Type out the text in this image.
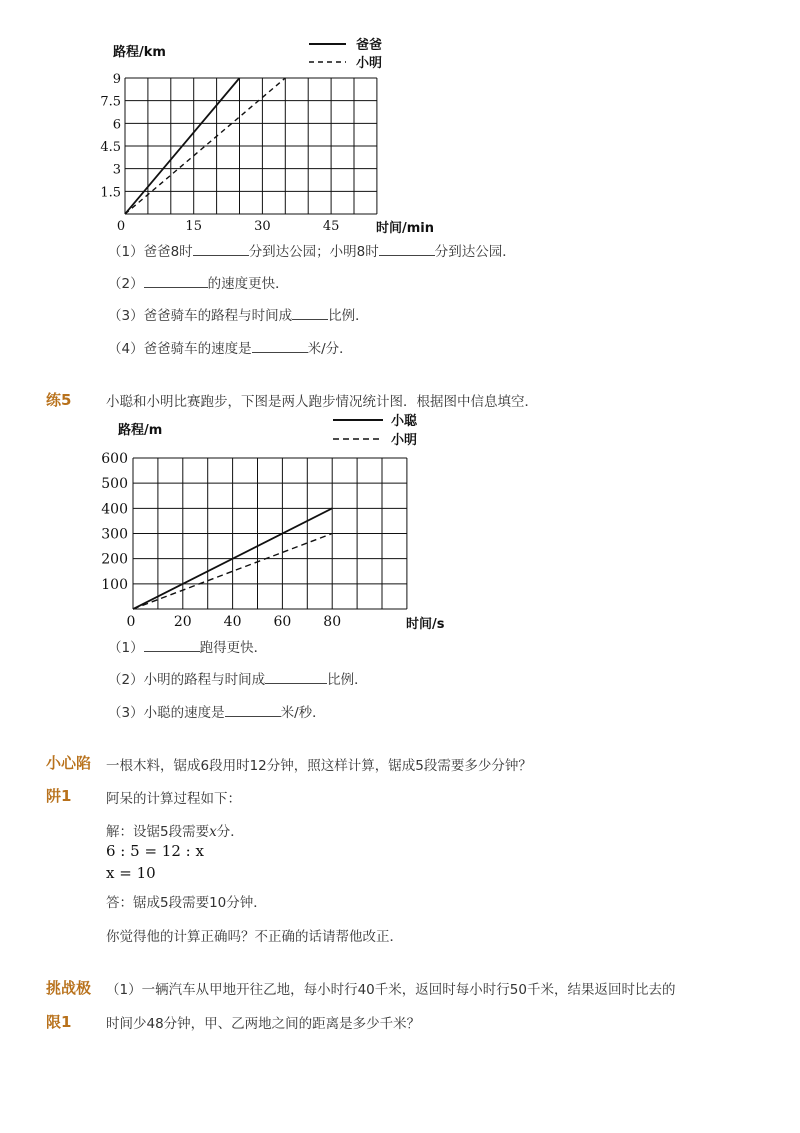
路程/km
0	15	30	45
1.5
3
4.5
6
7.5
9
时间/min
爸爸
小明
（1）爸爸8时	分到达公园；小明8时	分到达公园．
（2）	的速度更快．
（3）爸爸骑车的路程与时间成	比例．
（4）爸爸骑车的速度是	米/分．
练5	小聪和小明比赛跑步，下图是两人跑步情况统计图．根据图中信息填空．
路程/m
0	20 40 60 80
100
200
300
400
500
600
时间/s
小聪
小明
（1）	跑得更快．
（2）小明的路程与时间成	比例．
（3）小聪的速度是	米/秒．
小心陷
阱1
一根木料，锯成6段用时12分钟，照这样计算，锯成5段需要多少分钟？
阿呆的计算过程如下：
解：设锯5段需要x分．
6 : 5 = 12 : x
x = 10
答：锯成5段需要10分钟．
你觉得他的计算正确吗？不正确的话请帮他改正．
挑战极
限1
（1）一辆汽车从甲地开往乙地，每小时行40千米，返回时每小时行50千米，结果返回时比去的
时间少48分钟，甲、乙两地之间的距离是多少千米？
